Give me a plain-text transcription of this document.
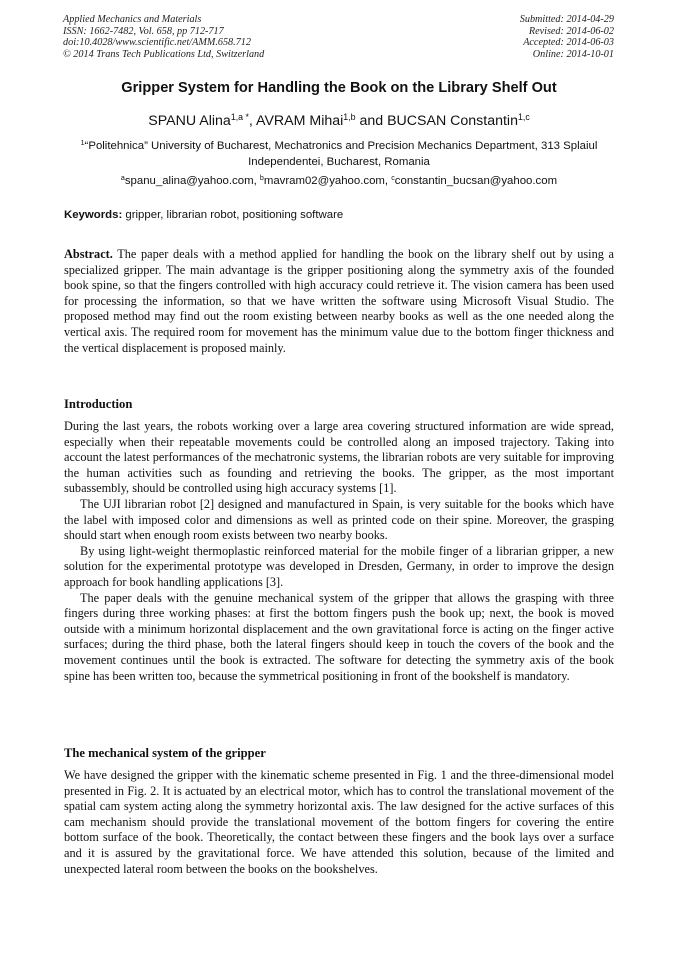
Applied Mechanics and Materials
ISSN: 1662-7482, Vol. 658, pp 712-717
doi:10.4028/www.scientific.net/AMM.658.712
© 2014 Trans Tech Publications Ltd, Switzerland
Submitted: 2014-04-29
Revised: 2014-06-02
Accepted: 2014-06-03
Online: 2014-10-01
Gripper System for Handling the Book on the Library Shelf Out
SPANU Alina$^{1,a *}$, AVRAM Mihai$^{1,b}$ and BUCSAN Constantin$^{1,c}$
$^1$“Politehnica” University of Bucharest, Mechatronics and Precision Mechanics Department, 313 Splaiul Independentei, Bucharest, Romania
$^a$spanu_alina@yahoo.com, $^b$mavram02@yahoo.com, $^c$constantin_bucsan@yahoo.com
Keywords: gripper, librarian robot, positioning software

Abstract. The paper deals with a method applied for handling the book on the library shelf out by using a specialized gripper. The main advantage is the gripper positioning along the symmetry axis of the founded book spine, so that the fingers controlled with high accuracy could retrieve it. The vision camera has been used for processing the information, so that we have written the software using Microsoft Visual Studio. The proposed method may find out the room existing between nearby books as well as the one needed along the vertical axis. The required room for movement has the minimum value due to the bottom finger thickness and the vertical displacement is proposed mainly.

Introduction

During the last years, the robots working over a large area covering structured information are wide spread, especially when their repeatable movements could be controlled along an imposed trajectory. Taking into account the latest performances of the mechatronic systems, the librarian robots are very suitable for improving the human activities such as founding and retrieving the books. The gripper, as the most important subassembly, should be controlled using high accuracy systems [1].

The UJI librarian robot [2] designed and manufactured in Spain, is very suitable for the books which have the label with imposed color and dimensions as well as printed code on their spine. Moreover, the grasping should start when enough room exists between two nearby books.

By using light-weight thermoplastic reinforced material for the mobile finger of a librarian gripper, a new solution for the experimental prototype was developed in Dresden, Germany, in order to improve the design approach for book handling applications [3].

The paper deals with the genuine mechanical system of the gripper that allows the grasping with three fingers during three working phases: at first the bottom fingers push the book up; next, the book is moved outside with a minimum horizontal displacement and the own gravitational force is acting on the finger active surfaces; during the third phase, both the lateral fingers should keep in touch the covers of the book and the movement continues until the book is extracted. The software for detecting the symmetry axis of the book spine has been written too, because the symmetrical positioning in front of the bookshelf is mandatory.

The mechanical system of the gripper

We have designed the gripper with the kinematic scheme presented in Fig. 1 and the three-dimensional model presented in Fig. 2. It is actuated by an electrical motor, which has to control the translational movement of the spatial cam system acting along the symmetry horizontal axis. The law designed for the active surfaces of this cam mechanism should provide the translational movement of the bottom fingers for covering the entire bottom surface of the book. Theoretically, the contact between these fingers and the book lays over a surface and it is assured by the gravitational force. We have attended this solution, because of the limited and unexpected lateral room between the books on the bookshelves.
